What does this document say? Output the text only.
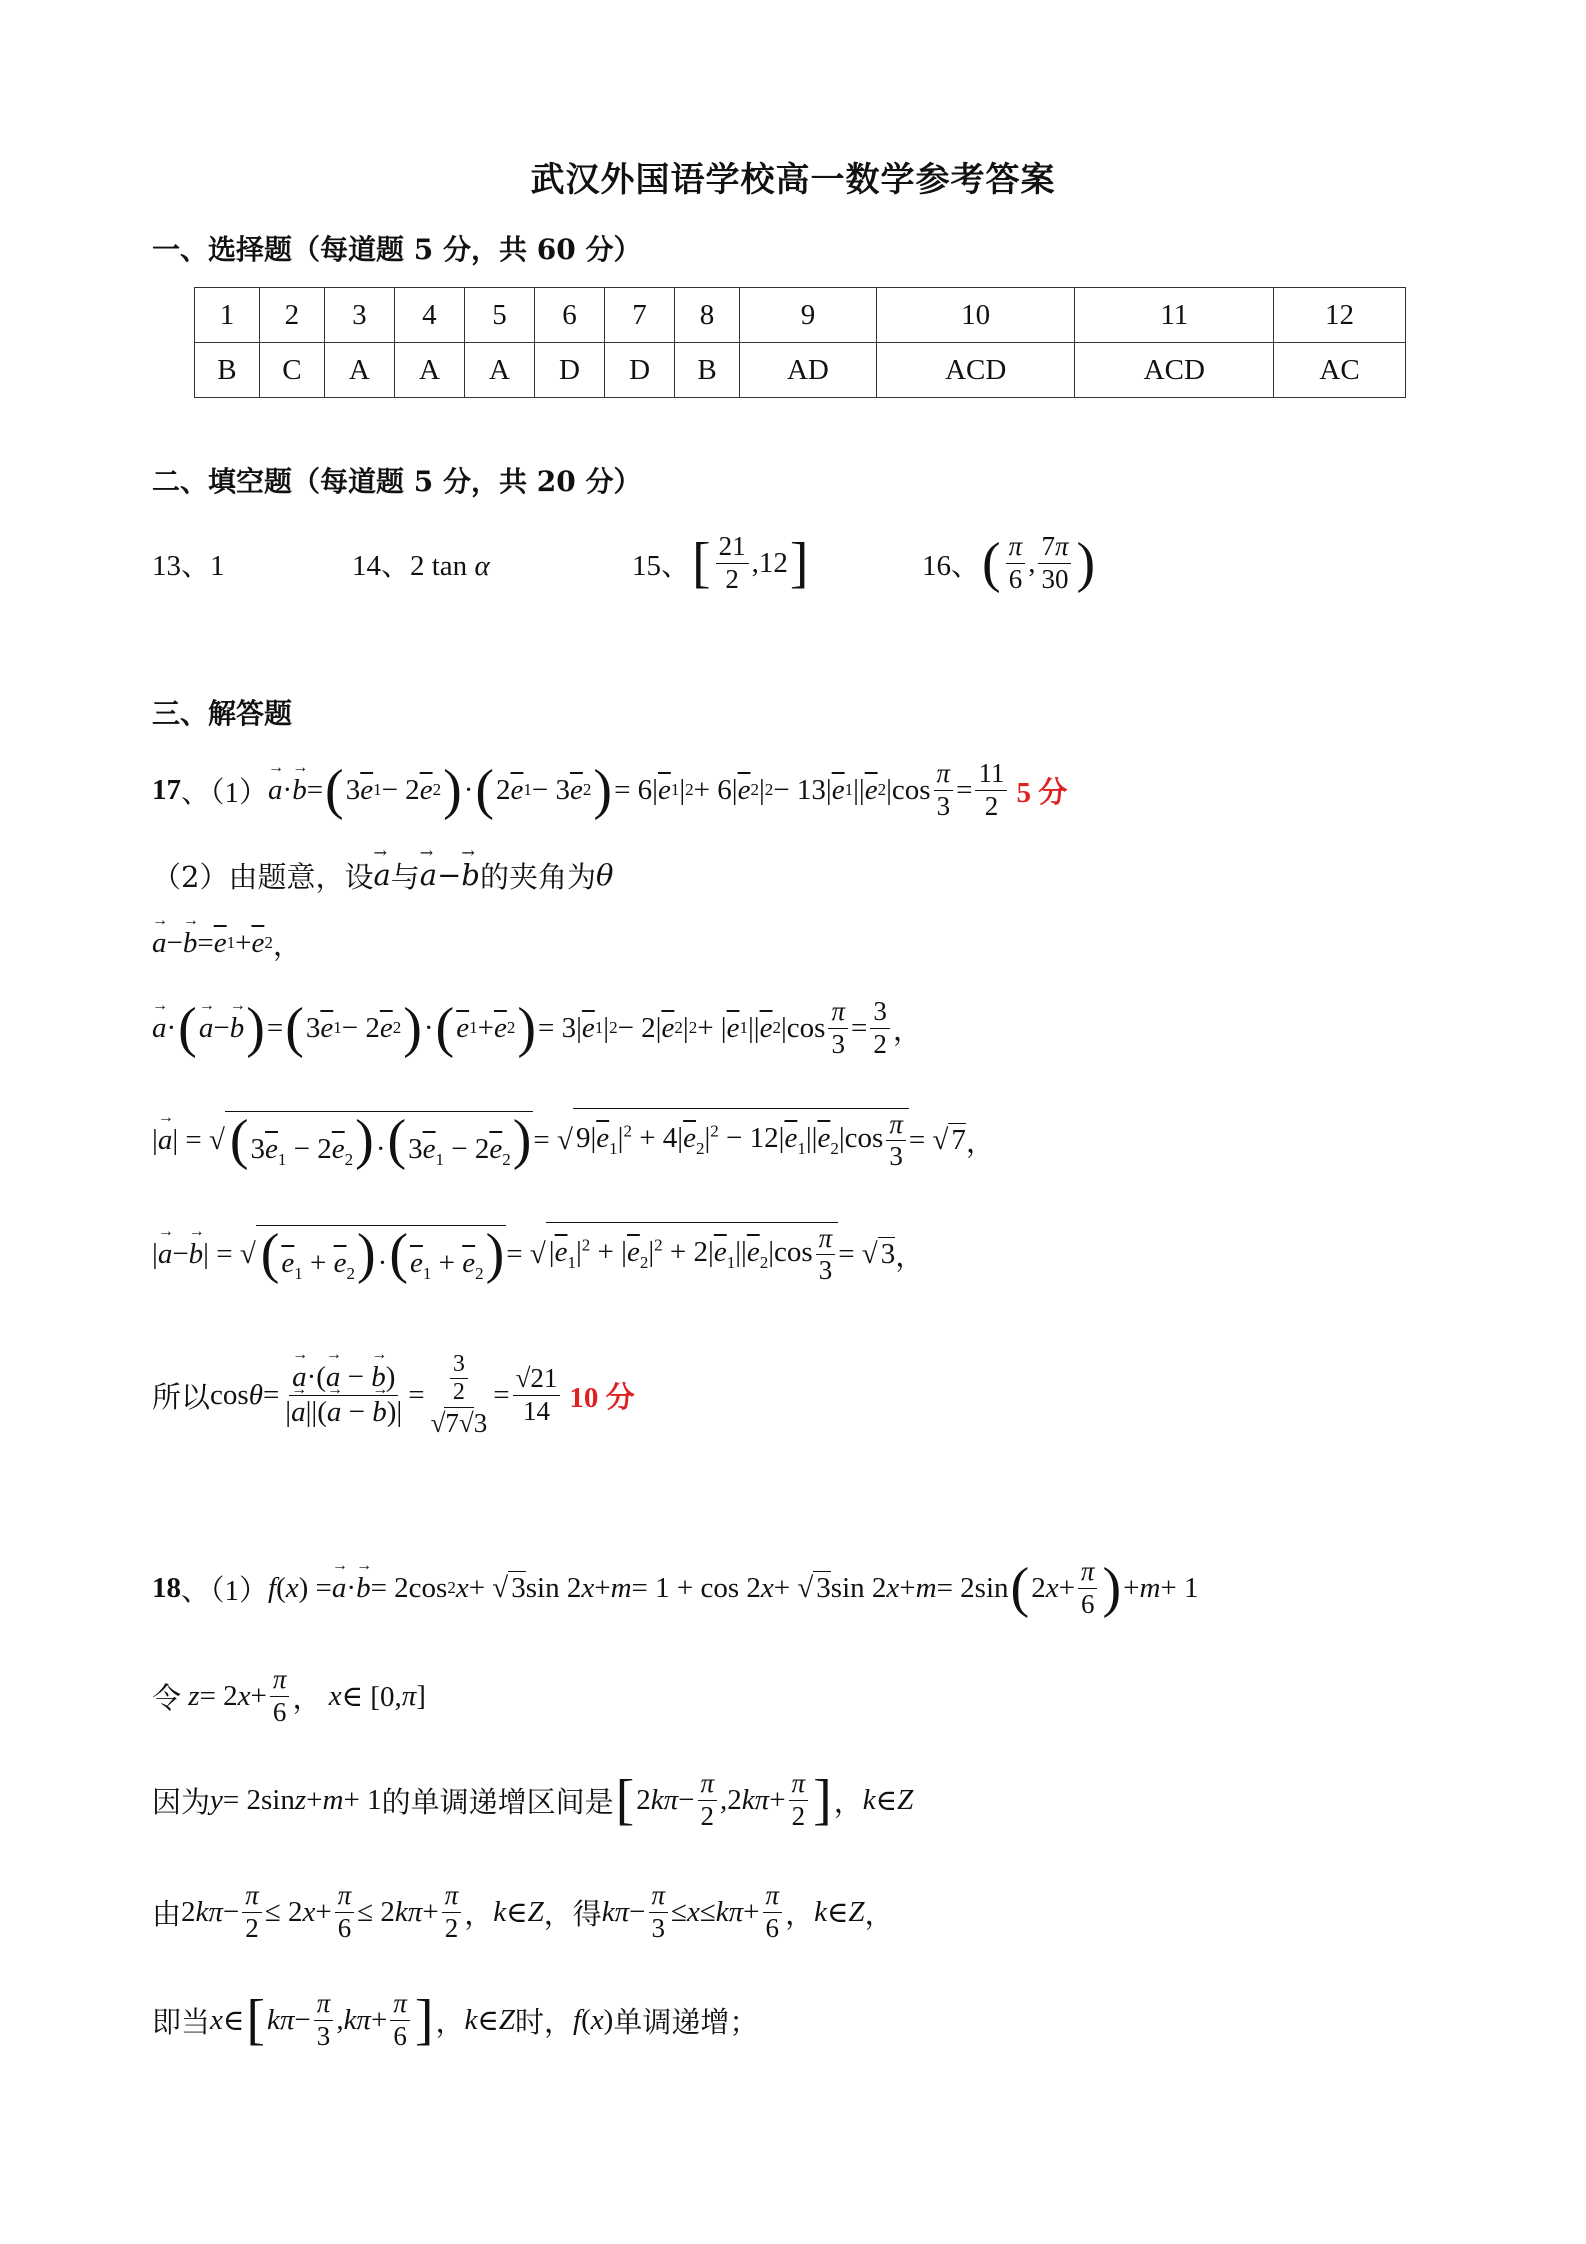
武汉外国语学校高一数学参考答案
一、选择题（每道题 5 分，共 60 分）
1	2	3	4	5	6	7	8	9	10	11	12
B	C	A	A	A	D	D	B	AD	ACD	ACD	AC
二、填空题（每道题 5 分，共 20 分）
13、1	14、2 tan α	15、 [ $\frac{21}{2} ,12$ ]	16、 ( $\frac{\pi}{6}$ , $\frac{7\pi}{30}$ )
三、解答题
17 、（1） → a · → b = ( 3 $\overline{e}$ 1 − 2 $\overline{e}$ 2 ) · ( 2 $\overline{e}$ 1 − 3 $\overline{e}$ 2 ) = 6| $\overline{e}$ 1 | 2 + 6| $\overline{e}$ 2 | 2 − 13| $\overline{e}$ 1 || $\overline{e}$ 2 $|\cos \frac{\pi}{3} = \frac{11}{2} 5$ 分
（2）由题意，设 → a 与 → a − → b 的夹角为 θ
→ a − → $b = \overline{e}$ $1 + \overline{e}$ 2 ，
→ a · ( → a − → b ) = ( 3 $\overline{e}$ 1 − 2 $\overline{e}$ 2 ) · ( $\overline{e}$ $1 + \overline{e}$ 2 ) = 3| $\overline{e}$ 1 | 2 − 2| $\overline{e}$ 2 | 2 + | $\overline{e}$ 1 || $\overline{e}$ 2 $|\cos \frac{\pi}{3} = \frac{3}{2}$ ，
| → a | = √ $(3\overline{e}_1 - 2\overline{e}_2)\cdot(3\overline{e}_1 - 2\overline{e}_2)$ = √ $9|\overline{e}_1|^2 + 4|\overline{e}_2|^2 - 12|\overline{e}_1||\overline{e}_2|\cos \frac{\pi}{3}$ = √ 7 ，
| → a − → b | = √ $(\overline{e}_1 + \overline{e}_2)\cdot(\overline{e}_1 + \overline{e}_2)$ = √ $|\overline{e}_1|^2 + |\overline{e}_2|^2 + 2|\overline{e}_1||\overline{e}_2|\cos \frac{\pi}{3}$ = √ 3 ，
所以 cos θ = → $\frac{a\cdot(\to a - \to b)}{|\to a||(\to a - \to b)|} = \frac{\frac{3}{2}}{√7√3} = \frac{√21}{14} 10$ 分
18 、（1） f ( x ) = → a · → b = 2cos 2 x + √ 3 sin 2 x + m = 1 + cos 2 x + √ 3 sin 2 x + m = 2sin ( 2 $x + \frac{\pi}{6}$ ) + m + 1
令
z = 2 $x + \frac{\pi}{6}$ ， x ∈ [0, π ]
因为 y = 2sin z + m + 1 的单调递增区间是 [ 2 $k\pi - \frac{\pi}{2} ,2$ $k\pi + \frac{\pi}{2}$ ] ， k ∈ Z
由 2 $k\pi - \frac{\pi}{2} \le 2$ $x + \frac{\pi}{6} \le 2$ $k\pi + \frac{\pi}{2}$ ， k ∈ Z ， 得 $k\pi - \frac{\pi}{3} \le x \le k\pi + \frac{\pi}{6}$ ， k ∈ Z ，
即当 x ∈ [ $k\pi - \frac{\pi}{3}$ , $k\pi + \frac{\pi}{6}$ ] ， k ∈ Z 时， f ( x ) 单调递增；
